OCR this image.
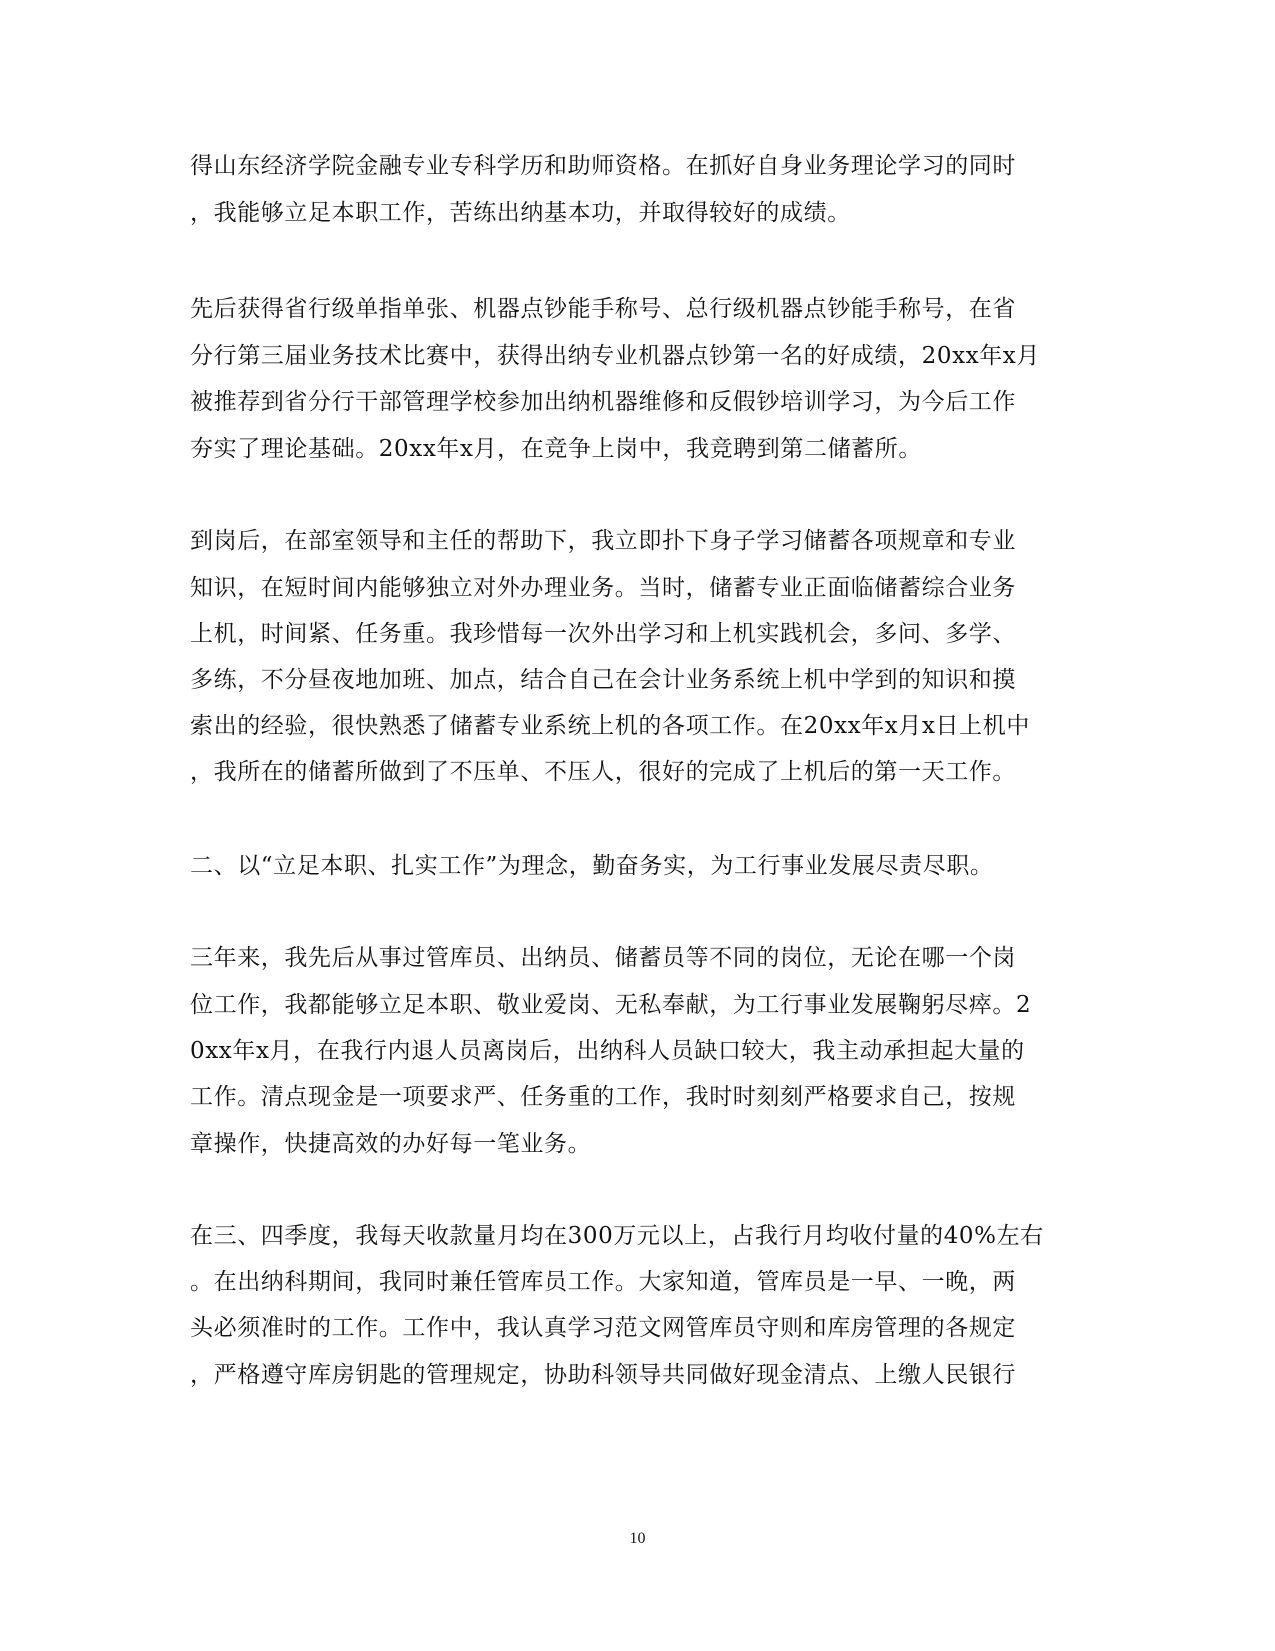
得山东经济学院金融专业专科学历和助师资格。在抓好自身业务理论学习的同时
，我能够立足本职工作，苦练出纳基本功，并取得较好的成绩。
先后获得省行级单指单张、机器点钞能手称号、总行级机器点钞能手称号，在省
分行第三届业务技术比赛中，获得出纳专业机器点钞第一名的好成绩，20xx年x月
被推荐到省分行干部管理学校参加出纳机器维修和反假钞培训学习，为今后工作
夯实了理论基础。20xx年x月，在竞争上岗中，我竞聘到第二储蓄所。
到岗后，在部室领导和主任的帮助下，我立即扑下身子学习储蓄各项规章和专业
知识，在短时间内能够独立对外办理业务。当时，储蓄专业正面临储蓄综合业务
上机，时间紧、任务重。我珍惜每一次外出学习和上机实践机会，多问、多学、
多练，不分昼夜地加班、加点，结合自己在会计业务系统上机中学到的知识和摸
索出的经验，很快熟悉了储蓄专业系统上机的各项工作。在20xx年x月x日上机中
，我所在的储蓄所做到了不压单、不压人，很好的完成了上机后的第一天工作。
二、以“立足本职、扎实工作”为理念，勤奋务实，为工行事业发展尽责尽职。
三年来，我先后从事过管库员、出纳员、储蓄员等不同的岗位，无论在哪一个岗
位工作，我都能够立足本职、敬业爱岗、无私奉献，为工行事业发展鞠躬尽瘁。2
0xx年x月，在我行内退人员离岗后，出纳科人员缺口较大，我主动承担起大量的
工作。清点现金是一项要求严、任务重的工作，我时时刻刻严格要求自己，按规
章操作，快捷高效的办好每一笔业务。
在三、四季度，我每天收款量月均在300万元以上，占我行月均收付量的40%左右
。在出纳科期间，我同时兼任管库员工作。大家知道，管库员是一早、一晚，两
头必须准时的工作。工作中，我认真学习范文网管库员守则和库房管理的各规定
，严格遵守库房钥匙的管理规定，协助科领导共同做好现金清点、上缴人民银行
10
